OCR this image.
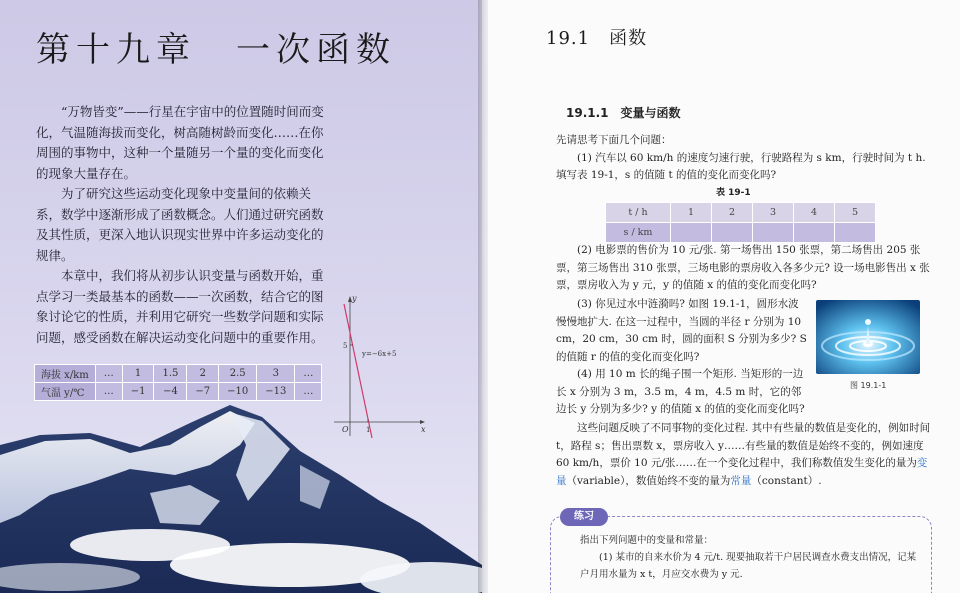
第十九章　一次函数

“万物皆变”——行星在宇宙中的位置随时间而变化，气温随海拔而变化，树高随树龄而变化……在你周围的事物中，这种一个量随另一个量的变化而变化的现象大量存在。

为了研究这些运动变化现象中变量间的依赖关系，数学中逐渐形成了函数概念。人们通过研究函数及其性质，更深入地认识现实世界中许多运动变化的规律。

本章中，我们将从初步认识变量与函数开始，重点学习一类最基本的函数——一次函数，结合它的图象讨论它的性质，并利用它研究一些数学问题和实际问题，感受函数在解决运动变化问题中的重要作用。

海拔 x/km	…	1	1.5	2	2.5	3	…
气温 y/℃	…	−1	−4	−7	−10	−13	…
y
x
O
5
1
y=−6x+5
19.1　函数
19.1.1　变量与函数

先请思考下面几个问题：

(1) 汽车以 60 km/h 的速度匀速行驶，行驶路程为 s km，行驶时间为 t h. 填写表 19-1，s 的值随 t 的值的变化而变化吗?

表 19-1
t / h	1	2	3	4	5
s / km					

(2) 电影票的售价为 10 元/张. 第一场售出 150 张票，第二场售出 205 张票，第三场售出 310 张票，三场电影的票房收入各多少元? 设一场电影售出 x 张票，票房收入为 y 元，y 的值随 x 的值的变化而变化吗?

(3) 你见过水中涟漪吗? 如图 19.1-1，圆形水波慢慢地扩大. 在这一过程中，当圆的半径 r 分别为 10 cm，20 cm，30 cm 时，圆的面积 S 分别为多少? S 的值随 r 的值的变化而变化吗?

图 19.1-1

(4) 用 10 m 长的绳子围一个矩形. 当矩形的一边长 x 分别为 3 m，3.5 m，4 m，4.5 m 时，它的邻边长 y 分别为多少? y 的值随 x 的值的变化而变化吗?

这些问题反映了不同事物的变化过程. 其中有些量的数值是变化的，例如时间 t，路程 s；售出票数 x，票房收入 y……有些量的数值是始终不变的，例如速度 60 km/h，票价 10 元/张……在一个变化过程中，我们称数值发生变化的量为变量（variable），数值始终不变的量为常量（constant）.

练习

指出下列问题中的变量和常量：

(1) 某市的自来水价为 4 元/t. 现要抽取若干户居民调查水费支出情况，记某户月用水量为 x t，月应交水费为 y 元.
